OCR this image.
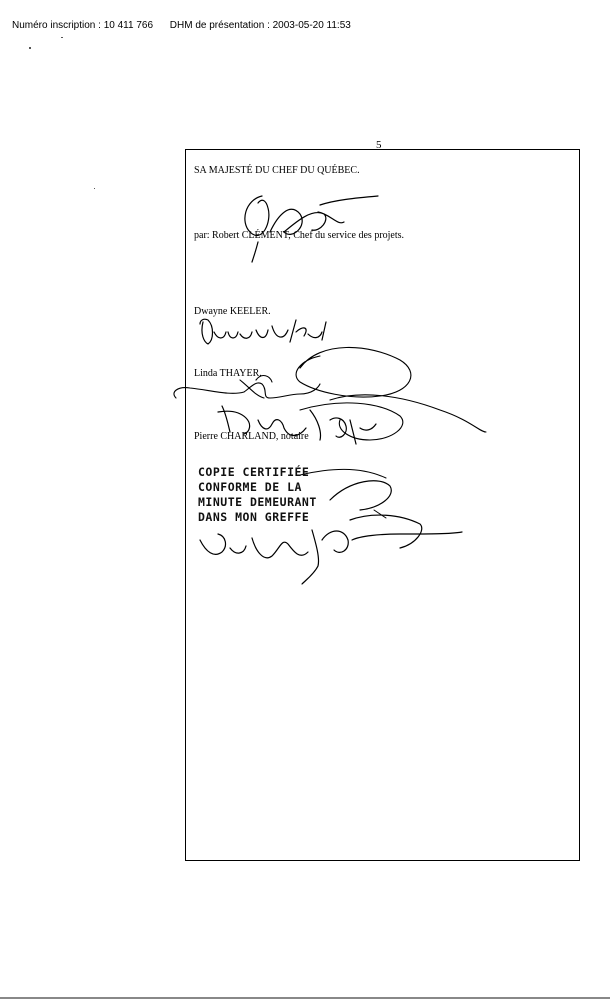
Numéro inscription : 10 411 766 DHM de présentation : 2003-05-20 11:53
5
SA MAJESTÉ DU CHEF DU QUÉBEC.
par: Robert CLÉMENT, Chef du service des projets.
Dwayne KEELER.
Linda THAYER.
Pierre CHARLAND, notaire
COPIE CERTIFIÉE
CONFORME DE LA
MINUTE DEMEURANT
DANS MON GREFFE
